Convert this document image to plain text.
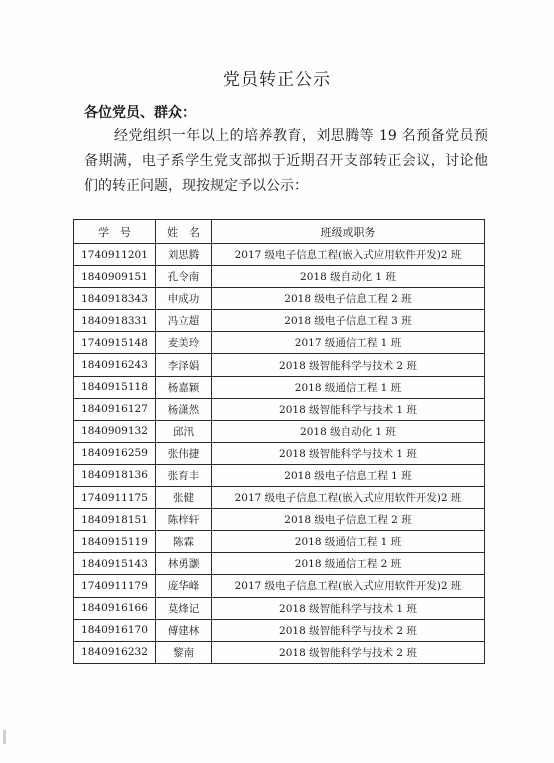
党员转正公示
各位党员、群众：
经党组织一年以上的培养教育，刘思腾等 19 名预备党员预备期满，电子系学生党支部拟于近期召开支部转正会议，讨论他们的转正问题，现按规定予以公示：
学　号	姓　名	班级或职务
1740911201	刘思腾	2017 级电子信息工程(嵌入式应用软件开发)2 班
1840909151	孔令南	2018 级自动化 1 班
1840918343	申成功	2018 级电子信息工程 2 班
1840918331	冯立超	2018 级电子信息工程 3 班
1740915148	麦美玲	2017 级通信工程 1 班
1840916243	李泽娟	2018 级智能科学与技术 2 班
1840915118	杨嘉颖	2018 级通信工程 1 班
1840916127	杨潇然	2018 级智能科学与技术 1 班
1840909132	邱汛	2018 级自动化 1 班
1840916259	张伟捷	2018 级智能科学与技术 1 班
1840918136	张育丰	2018 级电子信息工程 1 班
1740911175	张健	2017 级电子信息工程(嵌入式应用软件开发)2 班
1840918151	陈梓轩	2018 级电子信息工程 2 班
1840915119	陈霖	2018 级通信工程 1 班
1840915143	林勇灏	2018 级通信工程 2 班
1740911179	庞华峰	2017 级电子信息工程(嵌入式应用软件开发)2 班
1840916166	莫烽记	2018 级智能科学与技术 1 班
1840916170	傅建林	2018 级智能科学与技术 2 班
1840916232	黎南	2018 级智能科学与技术 2 班
